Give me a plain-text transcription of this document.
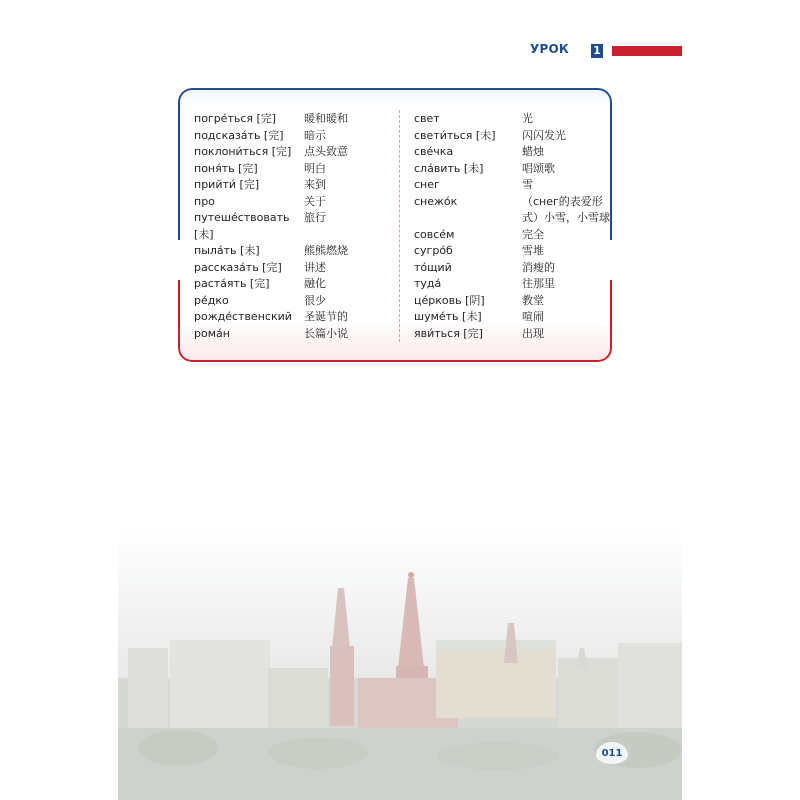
УРОК 1
погре́ться [完]	暖和暖和
подсказа́ть [完] 暗示
поклони́ться [完] 点头致意
поня́ть [完]	明白
прийти́ [完]	来到
про	关于
путеше́ствовать 旅行
[未]
пыла́ть [未]	熊熊燃烧
рассказа́ть [完] 讲述
раста́ять [完]	融化
ре́дко	很少
рожде́ственский 圣诞节的
рома́н	长篇小说
свет	光
свети́ться [未] 闪闪发光
све́чка	蜡烛
сла́вить [未]	唱颂歌
снег	雪
снежо́к	（снег的表爱形
式）小雪，小雪球
совсе́м	完全
сугро́б	雪堆
то́щий	消瘦的
туда́	往那里
це́рковь [阴]	教堂
шуме́ть [未]	喧闹
яви́ться [完]	出现
011
